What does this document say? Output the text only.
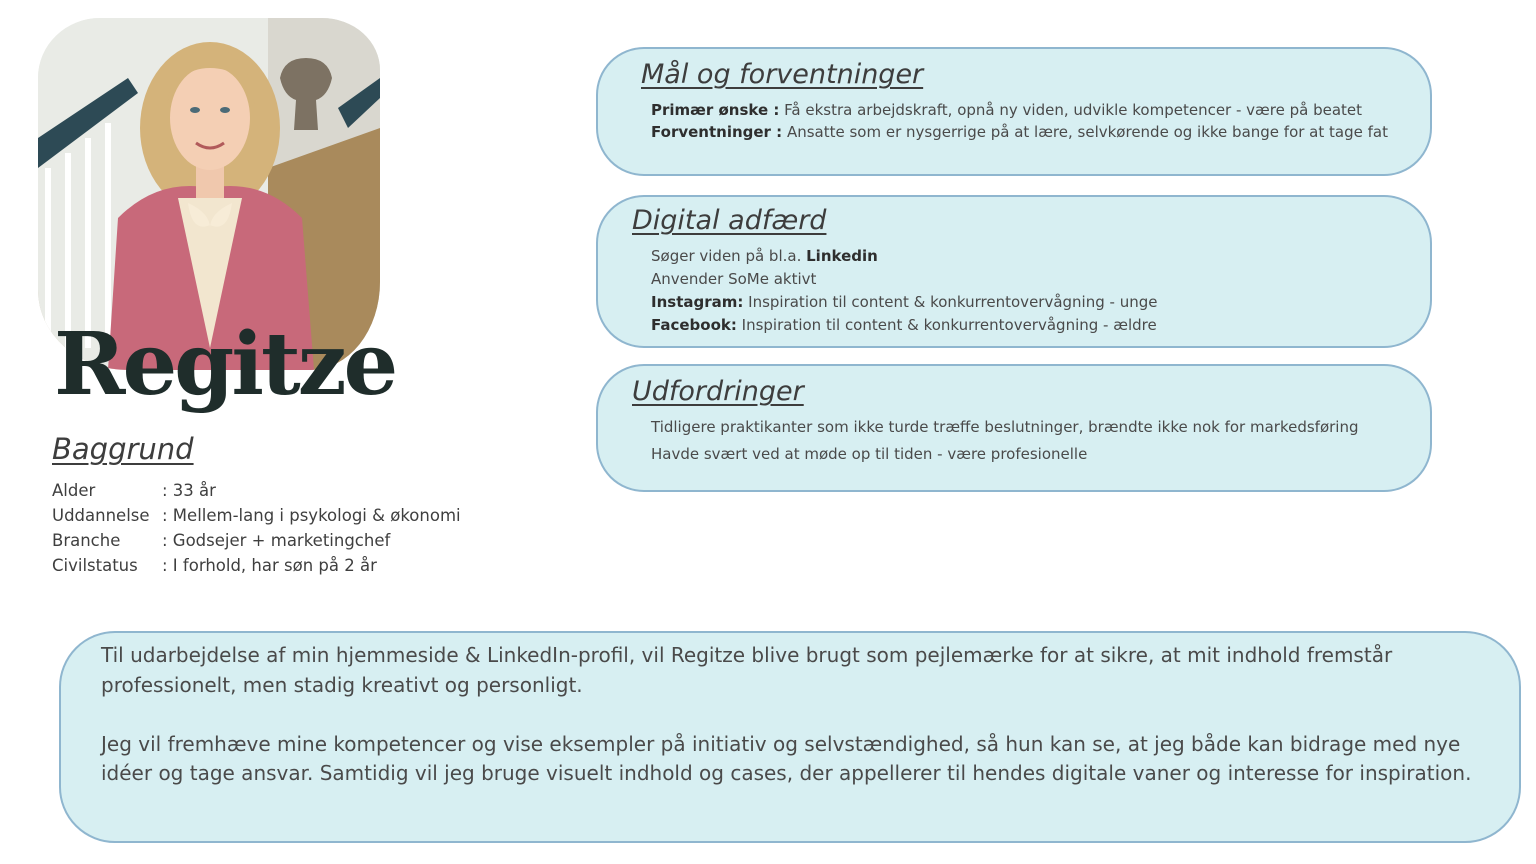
Regitze
Baggrund
Alder	: 33 år
Uddannelse : Mellem-lang i psykologi & økonomi
Branche	: Godsejer + marketingchef
Civilstatus	: I forhold, har søn på 2 år
Mål og forventninger
Primær ønske : Få ekstra arbejdskraft, opnå ny viden, udvikle kompetencer - være på beatet
Forventninger : Ansatte som er nysgerrige på at lære, selvkørende og ikke bange for at tage fat
Digital adfærd
Søger viden på bl.a. Linkedin
Anvender SoMe aktivt
Instagram: Inspiration til content & konkurrentovervågning - unge
Facebook: Inspiration til content & konkurrentovervågning - ældre
Udfordringer
Tidligere praktikanter som ikke turde træffe beslutninger, brændte ikke nok for markedsføring
Havde svært ved at møde op til tiden - være profesionelle

Til udarbejdelse af min hjemmeside & LinkedIn-profil, vil Regitze blive brugt som pejlemærke for at sikre, at mit indhold fremstår professionelt, men stadig kreativt og personligt.

Jeg vil fremhæve mine kompetencer og vise eksempler på initiativ og selvstændighed, så hun kan se, at jeg både kan bidrage med nye idéer og tage ansvar. Samtidig vil jeg bruge visuelt indhold og cases, der appellerer til hendes digitale vaner og interesse for inspiration.
